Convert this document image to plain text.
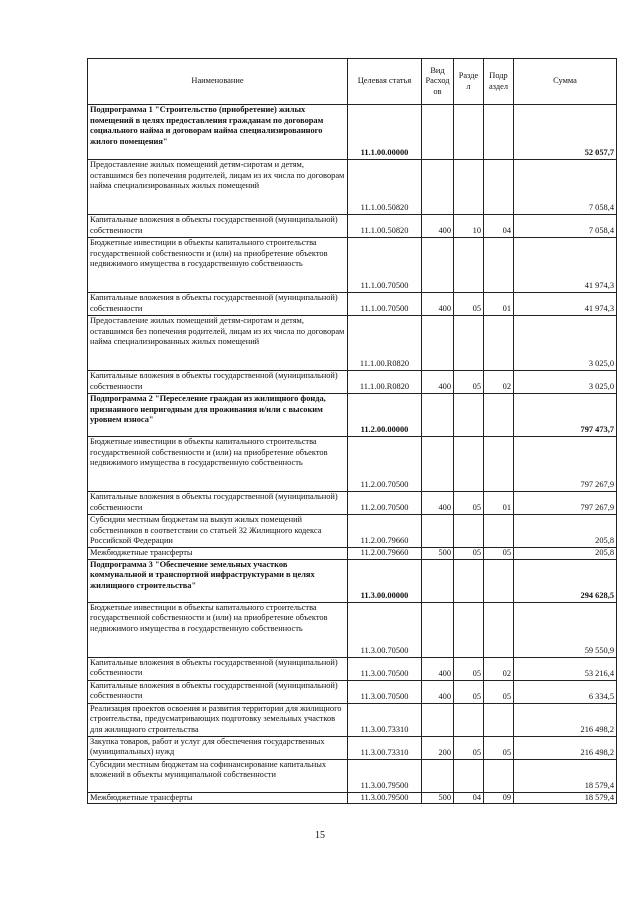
Наименование	Целевая статья	Вид Расход ов	Разде л	Подр аздел	Сумма
Подпрограмма 1 "Строительство (приобретение) жилых помещений в целях предоставления гражданам по договорам социального найма и договорам найма специализированного жилого помещения"	11.1.00.00000				52 057,7
Предоставление жилых помещений детям-сиротам и детям, оставшимся без попечения родителей, лицам из их числа по договорам найма специализированных жилых помещений	11.1.00.50820				7 058,4
Капитальные вложения в объекты государственной (муниципальной) собственности	11.1.00.50820	400	10	04	7 058,4
Бюджетные инвестиции в объекты капитального строительства государственной собственности и (или) на приобретение объектов недвижимого имущества в государственную собственность	11.1.00.70500				41 974,3
Капитальные вложения в объекты государственной (муниципальной) собственности	11.1.00.70500	400	05	01	41 974,3
Предоставление жилых помещений детям-сиротам и детям, оставшимся без попечения родителей, лицам из их числа по договорам найма специализированных жилых помещений	11.1.00.R0820				3 025,0
Капитальные вложения в объекты государственной (муниципальной) собственности	11.1.00.R0820	400	05	02	3 025,0
Подпрограмма 2 "Переселение граждан из жилищного фонда, признанного непригодным для проживания и/или с высоким уровнем износа"	11.2.00.00000				797 473,7
Бюджетные инвестиции в объекты капитального строительства государственной собственности и (или) на приобретение объектов недвижимого имущества в государственную собственность	11.2.00.70500				797 267,9
Капитальные вложения в объекты государственной (муниципальной) собственности	11.2.00.70500	400	05	01	797 267,9
Субсидии местным бюджетам на выкуп жилых помещений собственников в соответствии со статьей 32 Жилищного кодекса Российской Федерации	11.2.00.79660				205,8
Межбюджетные трансферты	11.2.00.79660	500	05	05	205,8
Подпрограмма 3 "Обеспечение земельных участков коммунальной и транспортной инфраструктурами в целях жилищного строительства"	11.3.00.00000				294 628,5
Бюджетные инвестиции в объекты капитального строительства государственной собственности и (или) на приобретение объектов недвижимого имущества в государственную собственность	11.3.00.70500				59 550,9
Капитальные вложения в объекты государственной (муниципальной) собственности	11.3.00.70500	400	05	02	53 216,4
Капитальные вложения в объекты государственной (муниципальной) собственности	11.3.00.70500	400	05	05	6 334,5
Реализация проектов освоения и развития территории для жилищного строительства, предусматривающих подготовку земельных участков для жилищного строительства	11.3.00.73310				216 498,2
Закупка товаров, работ и услуг для обеспечения государственных (муниципальных) нужд	11.3.00.73310	200	05	05	216 498,2
Субсидии местным бюджетам на софинансирование капитальных вложений в объекты муниципальной собственности	11.3.00.79500				18 579,4
Межбюджетные трансферты	11.3.00.79500	500	04	09	18 579,4
15
